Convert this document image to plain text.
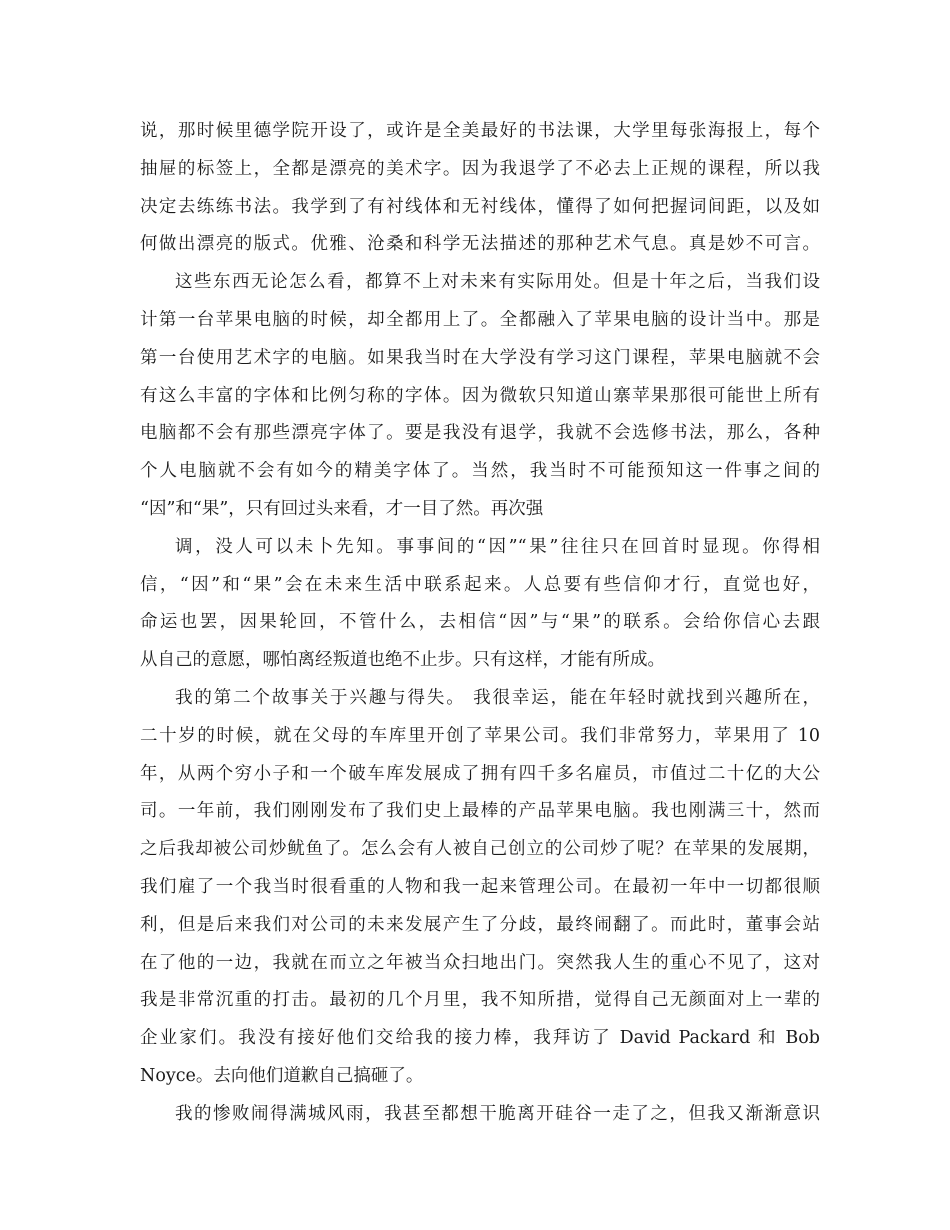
说，那时候里德学院开设了，或许是全美最好的书法课，大学里每张海报上，每个
抽屉的标签上，全都是漂亮的美术字。因为我退学了不必去上正规的课程，所以我
决定去练练书法。我学到了有衬线体和无衬线体，懂得了如何把握词间距，以及如
何做出漂亮的版式。优雅、沧桑和科学无法描述的那种艺术气息。真是妙不可言。
这些东西无论怎么看，都算不上对未来有实际用处。但是十年之后，当我们设
计第一台苹果电脑的时候，却全都用上了。全都融入了苹果电脑的设计当中。那是
第一台使用艺术字的电脑。如果我当时在大学没有学习这门课程，苹果电脑就不会
有这么丰富的字体和比例匀称的字体。因为微软只知道山寨苹果那很可能世上所有
电脑都不会有那些漂亮字体了。要是我没有退学，我就不会选修书法，那么，各种
个人电脑就不会有如今的精美字体了。当然，我当时不可能预知这一件事之间的
“因”和“果”，只有回过头来看，才一目了然。再次强
调，没人可以未卜先知。事事间的“因”“果”往往只在回首时显现。你得相
信，“因”和“果”会在未来生活中联系起来。人总要有些信仰才行，直觉也好，
命运也罢，因果轮回，不管什么，去相信“因”与“果”的联系。会给你信心去跟
从自己的意愿，哪怕离经叛道也绝不止步。只有这样，才能有所成。
我的第二个故事关于兴趣与得失。 我很幸运，能在年轻时就找到兴趣所在，
二十岁的时候，就在父母的车库里开创了苹果公司。我们非常努力，苹果用了 10
年，从两个穷小子和一个破车库发展成了拥有四千多名雇员，市值过二十亿的大公
司。一年前，我们刚刚发布了我们史上最棒的产品苹果电脑。我也刚满三十，然而
之后我却被公司炒鱿鱼了。怎么会有人被自己创立的公司炒了呢？在苹果的发展期，
我们雇了一个我当时很看重的人物和我一起来管理公司。在最初一年中一切都很顺
利，但是后来我们对公司的未来发展产生了分歧，最终闹翻了。而此时，董事会站
在了他的一边，我就在而立之年被当众扫地出门。突然我人生的重心不见了，这对
我是非常沉重的打击。最初的几个月里，我不知所措，觉得自己无颜面对上一辈的
企业家们。我没有接好他们交给我的接力棒，我拜访了 David Packard 和 Bob
Noyce。去向他们道歉自己搞砸了。
我的惨败闹得满城风雨，我甚至都想干脆离开硅谷一走了之，但我又渐渐意识
